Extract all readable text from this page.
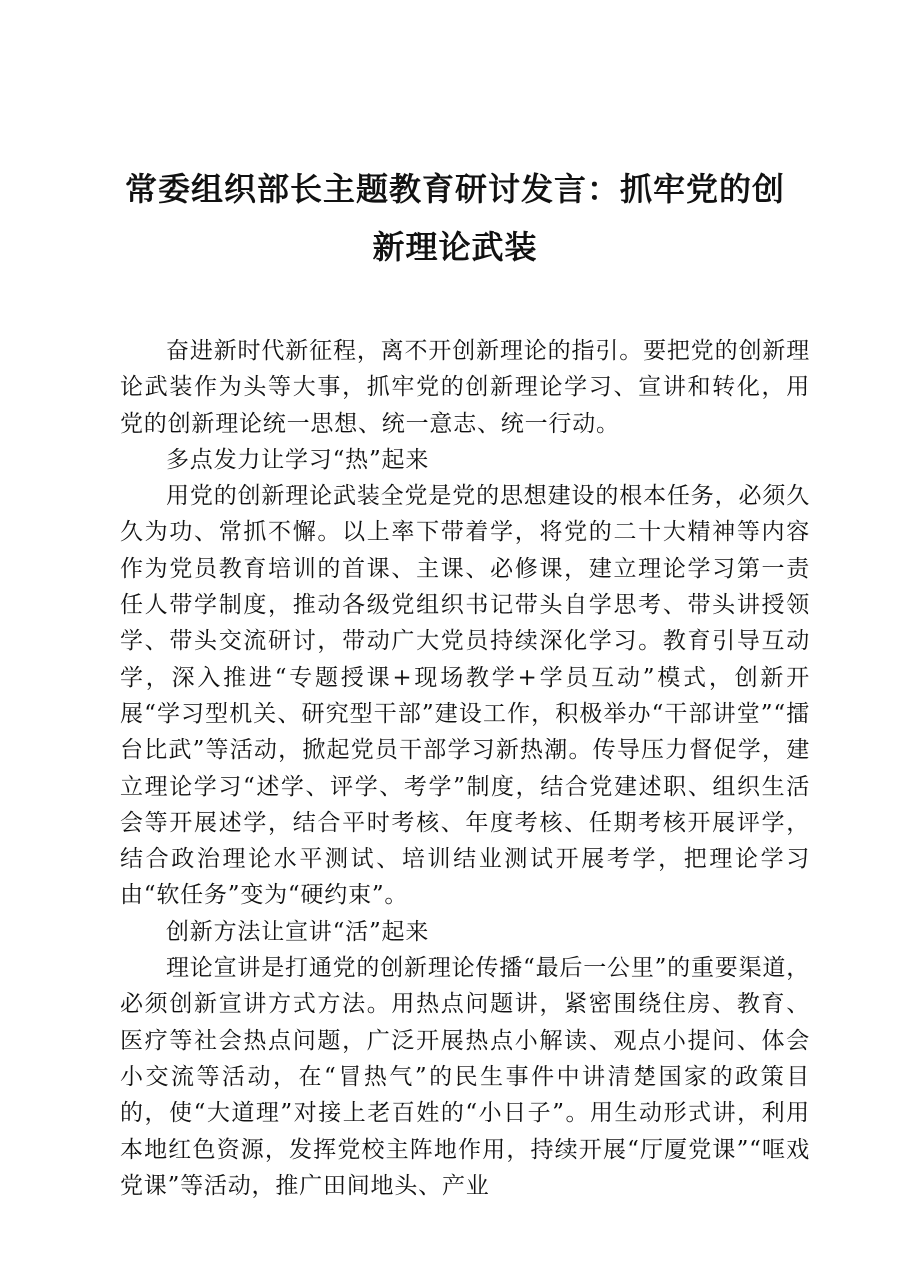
常委组织部长主题教育研讨发言：抓牢党的创新理论武装

奋进新时代新征程，离不开创新理论的指引。要把党的创新理论武装作为头等大事，抓牢党的创新理论学习、宣讲和转化，用党的创新理论统一思想、统一意志、统一行动。

多点发力让学习“热”起来

用党的创新理论武装全党是党的思想建设的根本任务，必须久久为功、常抓不懈。以上率下带着学，将党的二十大精神等内容作为党员教育培训的首课、主课、必修课，建立理论学习第一责任人带学制度，推动各级党组织书记带头自学思考、带头讲授领学、带头交流研讨，带动广大党员持续深化学习。教育引导互动学，深入推进“专题授课+现场教学+学员互动”模式，创新开展“学习型机关、研究型干部”建设工作，积极举办“干部讲堂”“擂台比武”等活动，掀起党员干部学习新热潮。传导压力督促学，建立理论学习“述学、评学、考学”制度，结合党建述职、组织生活会等开展述学，结合平时考核、年度考核、任期考核开展评学，结合政治理论水平测试、培训结业测试开展考学，把理论学习由“软任务”变为“硬约束”。

创新方法让宣讲“活”起来

理论宣讲是打通党的创新理论传播“最后一公里”的重要渠道，必须创新宣讲方式方法。用热点问题讲，紧密围绕住房、教育、医疗等社会热点问题，广泛开展热点小解读、观点小提问、体会小交流等活动，在“冒热气”的民生事件中讲清楚国家的政策目的，使“大道理”对接上老百姓的“小日子”。用生动形式讲，利用本地红色资源，发挥党校主阵地作用，持续开展“厅厦党课”“哐戏党课”等活动，推广田间地头、产业
